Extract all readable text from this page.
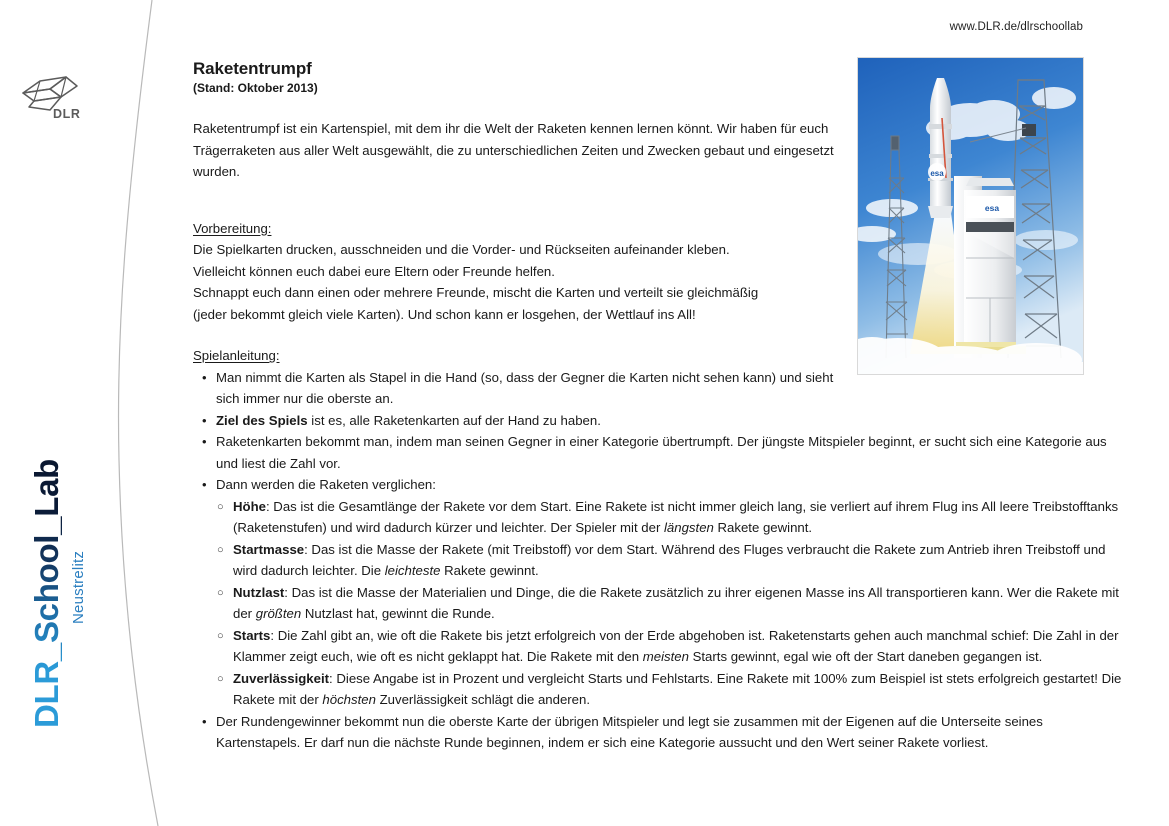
DLR
DLR_School_Lab Neustrelitz
www.DLR.de/dlrschoollab
esa
esa
Raketentrumpf
(Stand: Oktober 2013)

Raketentrumpf ist ein Kartenspiel, mit dem ihr die Welt der Raketen kennen lernen könnt. Wir haben für euch Trägerraketen aus aller Welt ausgewählt, die zu unterschiedlichen Zeiten und Zwecken gebaut und eingesetzt wurden.

Vorbereitung:
Die Spielkarten drucken, ausschneiden und die Vorder- und Rückseiten aufeinander kleben.
Vielleicht können euch dabei eure Eltern oder Freunde helfen.
Schnappt euch dann einen oder mehrere Freunde, mischt die Karten und verteilt sie gleichmäßig
(jeder bekommt gleich viele Karten). Und schon kann er losgehen, der Wettlauf ins All!
Spielanleitung:
• Man nimmt die Karten als Stapel in die Hand (so, dass der Gegner die Karten nicht sehen kann) und sieht sich immer nur die oberste an.
• Ziel des Spiels ist es, alle Raketenkarten auf der Hand zu haben.
• Raketenkarten bekommt man, indem man seinen Gegner in einer Kategorie übertrumpft. Der jüngste Mitspieler beginnt, er sucht sich eine Kategorie aus und liest die Zahl vor.
• Dann werden die Raketen verglichen:
○ Höhe: Das ist die Gesamtlänge der Rakete vor dem Start. Eine Rakete ist nicht immer gleich lang, sie verliert auf ihrem Flug ins All leere Treibstofftanks (Raketenstufen) und wird dadurch kürzer und leichter. Der Spieler mit der längsten Rakete gewinnt.
○ Startmasse: Das ist die Masse der Rakete (mit Treibstoff) vor dem Start. Während des Fluges verbraucht die Rakete zum Antrieb ihren Treibstoff und wird dadurch leichter. Die leichteste Rakete gewinnt.
○ Nutzlast: Das ist die Masse der Materialien und Dinge, die die Rakete zusätzlich zu ihrer eigenen Masse ins All transportieren kann. Wer die Rakete mit der größten Nutzlast hat, gewinnt die Runde.
○ Starts: Die Zahl gibt an, wie oft die Rakete bis jetzt erfolgreich von der Erde abgehoben ist. Raketenstarts gehen auch manchmal schief: Die Zahl in der Klammer zeigt euch, wie oft es nicht geklappt hat. Die Rakete mit den meisten Starts gewinnt, egal wie oft der Start daneben gegangen ist.
○ Zuverlässigkeit: Diese Angabe ist in Prozent und vergleicht Starts und Fehlstarts. Eine Rakete mit 100% zum Beispiel ist stets erfolgreich gestartet! Die Rakete mit der höchsten Zuverlässigkeit schlägt die anderen.
• Der Rundengewinner bekommt nun die oberste Karte der übrigen Mitspieler und legt sie zusammen mit der Eigenen auf die Unterseite seines Kartenstapels. Er darf nun die nächste Runde beginnen, indem er sich eine Kategorie aussucht und den Wert seiner Rakete vorliest.
